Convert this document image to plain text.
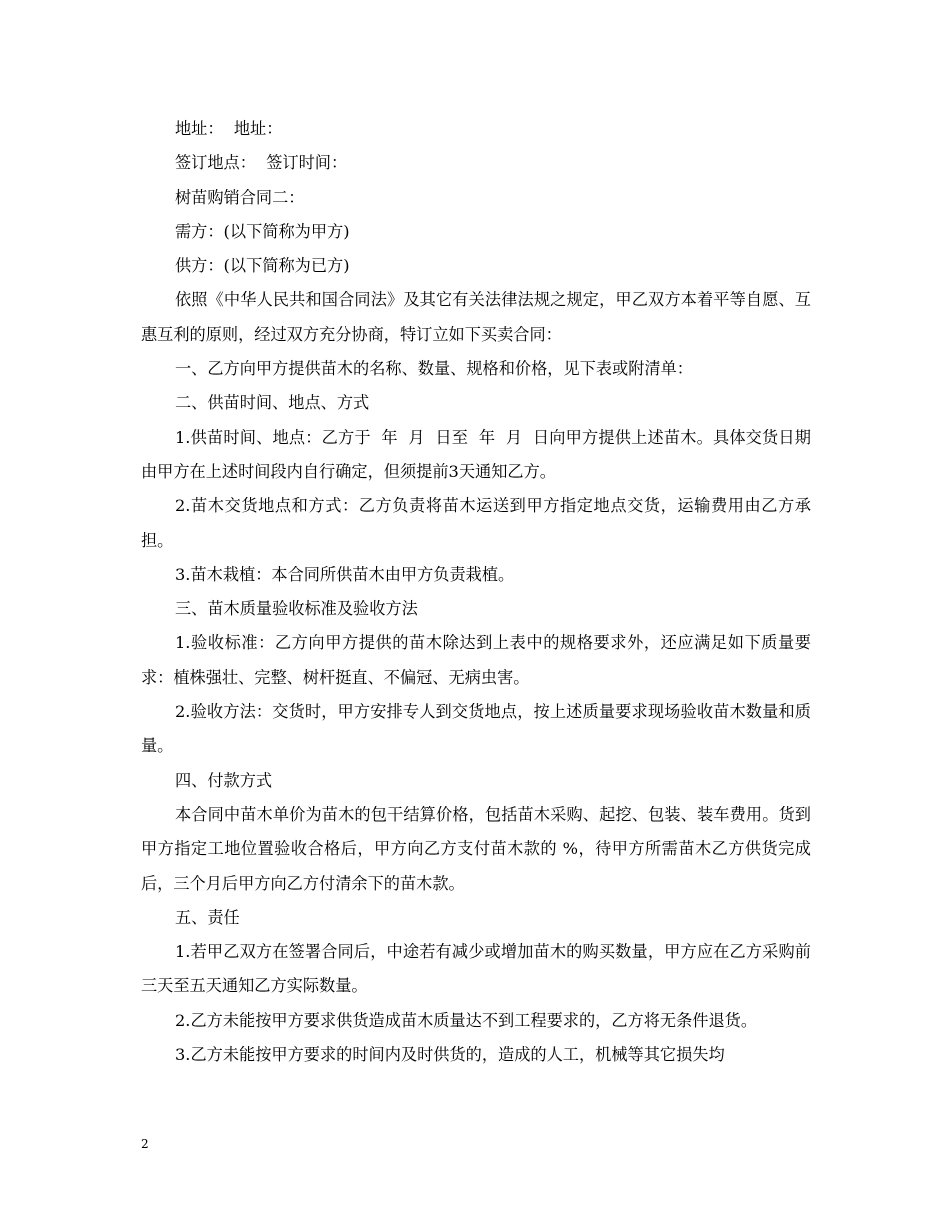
地址：  地址：

签订地点：  签订时间：

树苗购销合同二：

需方：(以下简称为甲方)

供方：(以下简称为已方)

依照《中华人民共和国合同法》及其它有关法律法规之规定，甲乙双方本着平等自愿、互惠互利的原则，经过双方充分协商，特订立如下买卖合同：

一、乙方向甲方提供苗木的名称、数量、规格和价格，见下表或附清单：

二、供苗时间、地点、方式

1.供苗时间、地点：乙方于  年  月  日至  年  月  日向甲方提供上述苗木。具体交货日期由甲方在上述时间段内自行确定，但须提前3天通知乙方。

2.苗木交货地点和方式：乙方负责将苗木运送到甲方指定地点交货，运输费用由乙方承担。

3.苗木栽植：本合同所供苗木由甲方负责栽植。

三、苗木质量验收标准及验收方法

1.验收标准：乙方向甲方提供的苗木除达到上表中的规格要求外，还应满足如下质量要求：植株强壮、完整、树杆挺直、不偏冠、无病虫害。

2.验收方法：交货时，甲方安排专人到交货地点，按上述质量要求现场验收苗木数量和质量。

四、付款方式

本合同中苗木单价为苗木的包干结算价格，包括苗木采购、起挖、包装、装车费用。货到甲方指定工地位置验收合格后，甲方向乙方支付苗木款的 %，待甲方所需苗木乙方供货完成后，三个月后甲方向乙方付清余下的苗木款。

五、责任

1.若甲乙双方在签署合同后，中途若有减少或增加苗木的购买数量，甲方应在乙方采购前三天至五天通知乙方实际数量。

2.乙方未能按甲方要求供货造成苗木质量达不到工程要求的，乙方将无条件退货。

3.乙方未能按甲方要求的时间内及时供货的，造成的人工，机械等其它损失均

2
